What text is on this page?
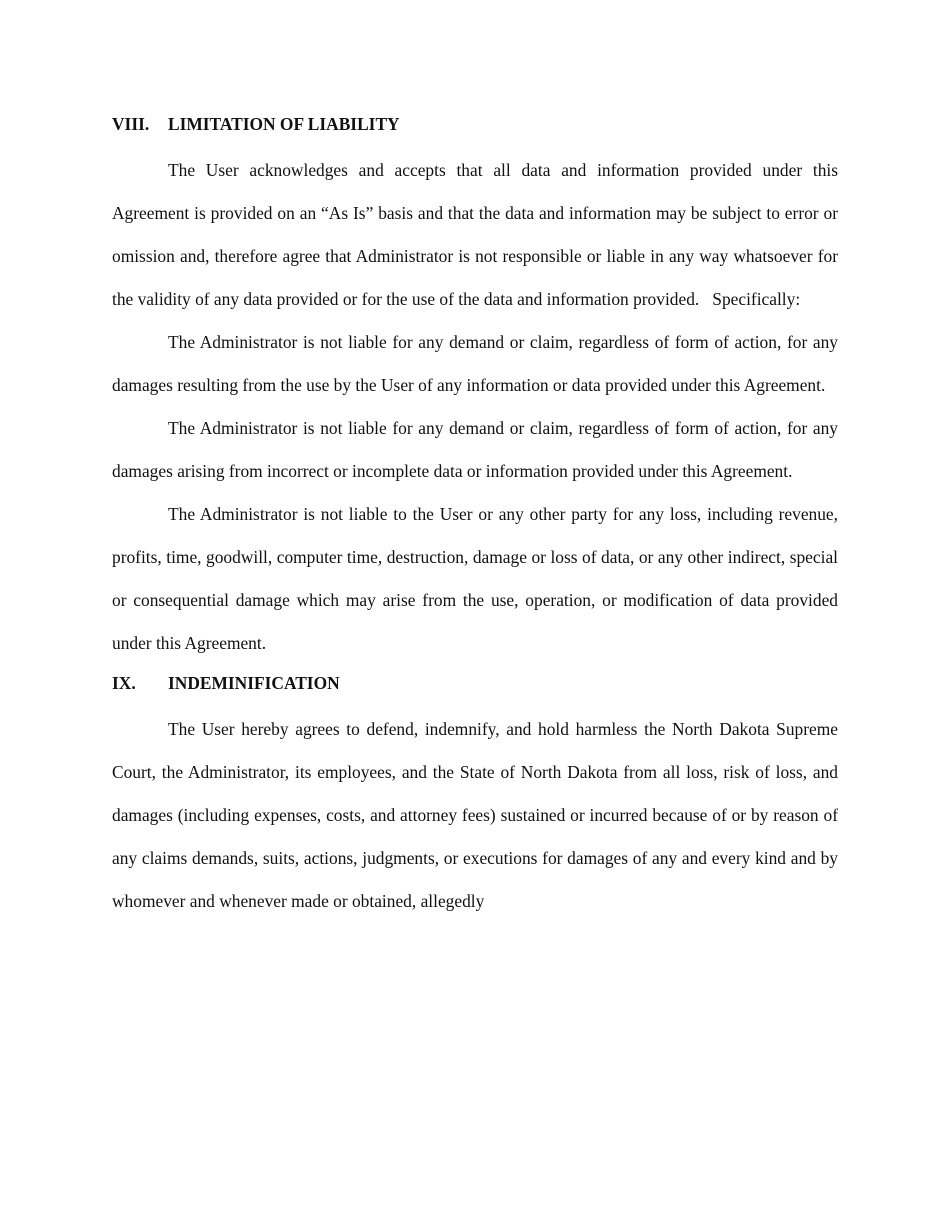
VIII. LIMITATION OF LIABILITY

The User acknowledges and accepts that all data and information provided under this Agreement is provided on an “As Is” basis and that the data and information may be subject to error or omission and, therefore agree that Administrator is not responsible or liable in any way whatsoever for the validity of any data provided or for the use of the data and information provided.   Specifically:

The Administrator is not liable for any demand or claim, regardless of form of action, for any damages resulting from the use by the User of any information or data provided under this Agreement.

The Administrator is not liable for any demand or claim, regardless of form of action, for any damages arising from incorrect or incomplete data or information provided under this Agreement.

The Administrator is not liable to the User or any other party for any loss, including revenue, profits, time, goodwill, computer time, destruction, damage or loss of data, or any other indirect, special or consequential damage which may arise from the use, operation, or modification of data provided under this Agreement.

IX. INDEMINIFICATION

The User hereby agrees to defend, indemnify, and hold harmless the North Dakota Supreme Court, the Administrator, its employees, and the State of North Dakota from all loss, risk of loss, and damages (including expenses, costs, and attorney fees) sustained or incurred because of or by reason of any claims demands, suits, actions, judgments, or executions for damages of any and every kind and by whomever and whenever made or obtained, allegedly
